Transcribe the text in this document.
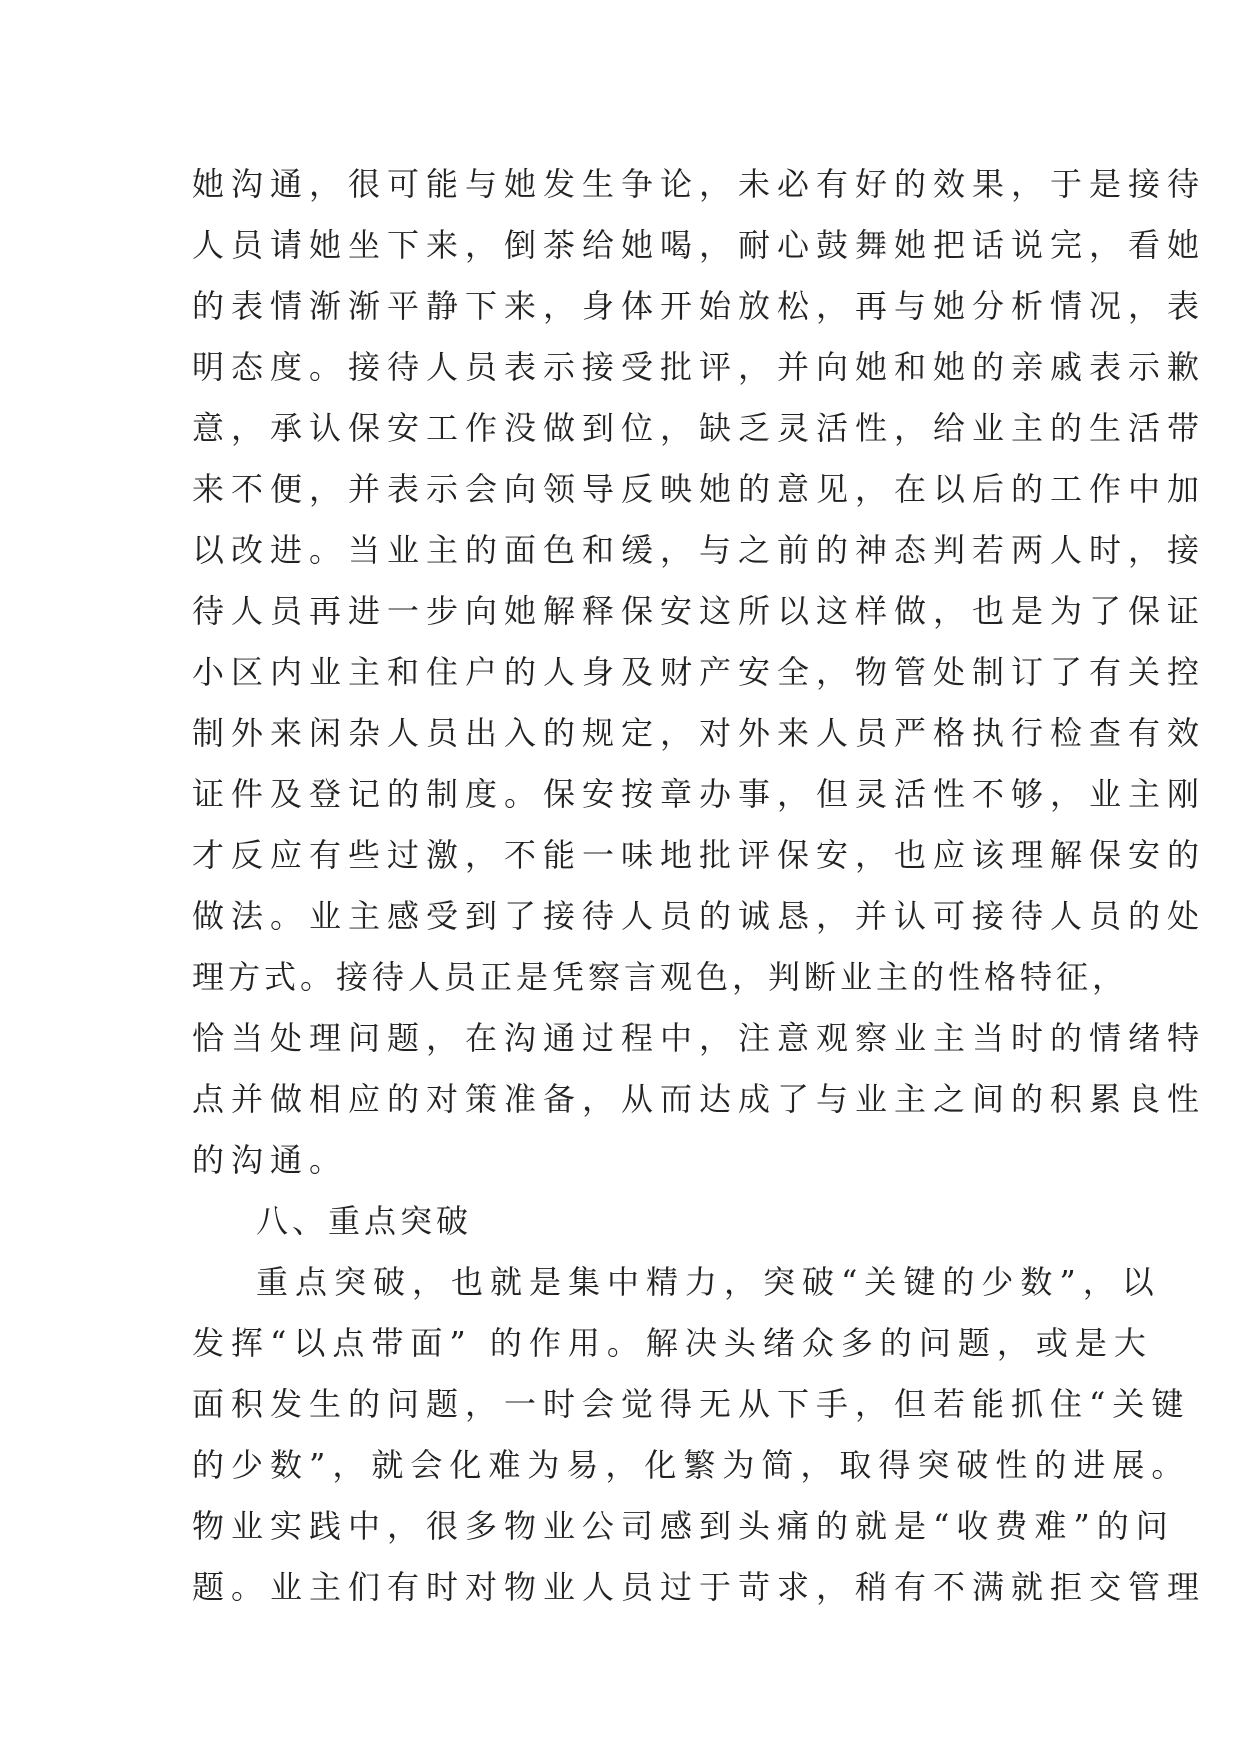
她沟通，很可能与她发生争论，未必有好的效果，于是接待
人员请她坐下来，倒茶给她喝，耐心鼓舞她把话说完，看她
的表情渐渐平静下来，身体开始放松，再与她分析情况，表
明态度。接待人员表示接受批评，并向她和她的亲戚表示歉
意，承认保安工作没做到位，缺乏灵活性，给业主的生活带
来不便，并表示会向领导反映她的意见，在以后的工作中加
以改进。当业主的面色和缓，与之前的神态判若两人时，接
待人员再进一步向她解释保安这所以这样做，也是为了保证
小区内业主和住户的人身及财产安全，物管处制订了有关控
制外来闲杂人员出入的规定，对外来人员严格执行检查有效
证件及登记的制度。保安按章办事，但灵活性不够，业主刚
才反应有些过激，不能一味地批评保安，也应该理解保安的
做法。业主感受到了接待人员的诚恳，并认可接待人员的处
理方式。接待人员正是凭察言观色，判断业主的性格特征，
恰当处理问题，在沟通过程中，注意观察业主当时的情绪特
点并做相应的对策准备，从而达成了与业主之间的积累良性
的沟通。
八、重点突破
重点突破，也就是集中精力，突破“关键的少数”，以
发挥“以点带面” 的作用。解决头绪众多的问题，或是大
面积发生的问题，一时会觉得无从下手，但若能抓住“关键
的少数”，就会化难为易，化繁为简，取得突破性的进展。
物业实践中，很多物业公司感到头痛的就是“收费难”的问
题。业主们有时对物业人员过于苛求，稍有不满就拒交管理
